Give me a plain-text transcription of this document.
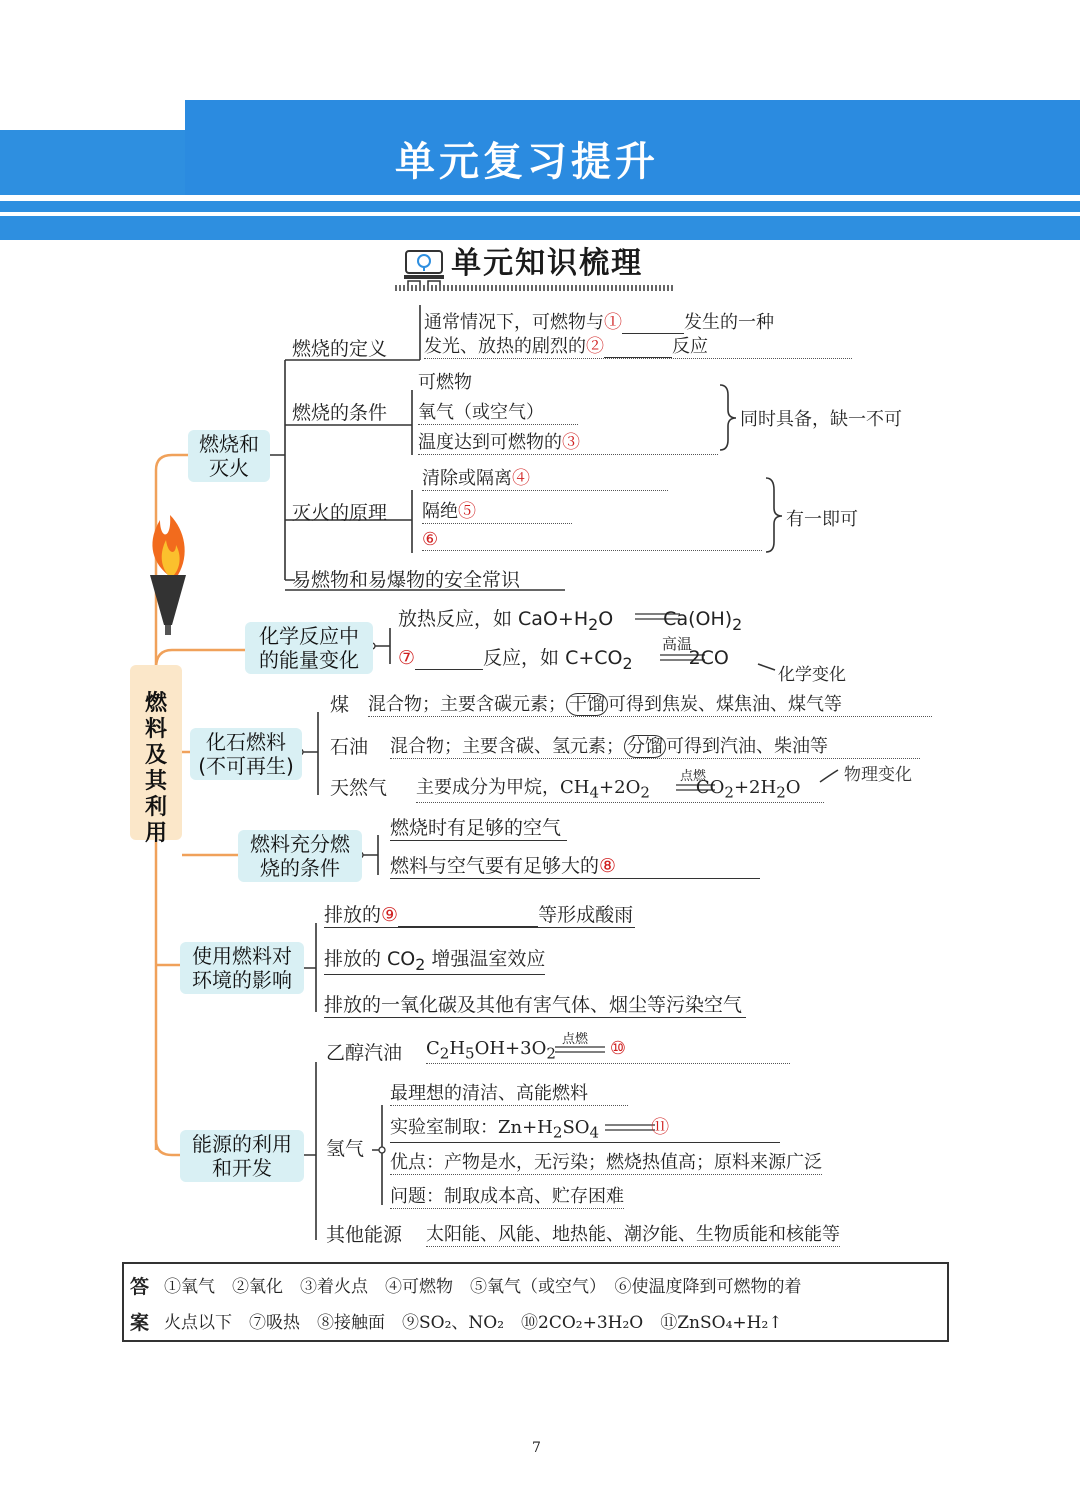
单元复习提升
单元知识梳理
燃
料
及
其
利
用
燃烧和
灭火
化学反应中
的能量变化
化石燃料
(不可再生)
燃料充分燃
烧的条件
使用燃料对
环境的影响
能源的利用
和开发
燃烧的定义
通常情况下，可燃物与①	发生的一种
发光、放热的剧烈的②	反应
燃烧的条件
可燃物
氧气（或空气）
温度达到可燃物的③
同时具备，缺一不可
灭火的原理
清除或隔离④
隔绝⑤
⑥
有一即可
易燃物和易爆物的安全常识
放热反应，如 $CaO+H_2O$	$Ca(OH)_2$
⑦	反应，如 $C+CO_2$	2CO
高温
化学变化
煤 混合物；主要含碳元素； 干馏 可得到焦炭、煤焦油、煤气等
石油 混合物；主要含碳、氢元素； 分馏 可得到汽油、柴油等
天然气 主要成分为甲烷，$CH_4+2O_2$	$CO_2+2H_2O$
点燃	物理变化
燃烧时有足够的空气
燃料与空气要有足够大的⑧
排放的⑨	等形成酸雨
排放的 $CO_2$ 增强温室效应
排放的一氧化碳及其他有害气体、烟尘等污染空气
乙醇汽油 $C_2H_5OH+3O_2$	⑩
点燃
氢气
最理想的清洁、高能燃料
实验室制取：$Zn+H_2SO_4$	⑪
优点：产物是水，无污染；燃烧热值高；原料来源广泛
问题：制取成本高、贮存困难
其他能源 太阳能、风能、地热能、潮汐能、生物质能和核能等
答
案
①氧气　②氧化　③着火点　④可燃物　⑤氧气（或空气）　⑥使温度降到可燃物的着
火点以下　⑦吸热　⑧接触面　⑨SO₂、NO₂　⑩2CO₂+3H₂O　⑪ZnSO₄+H₂↑
7
